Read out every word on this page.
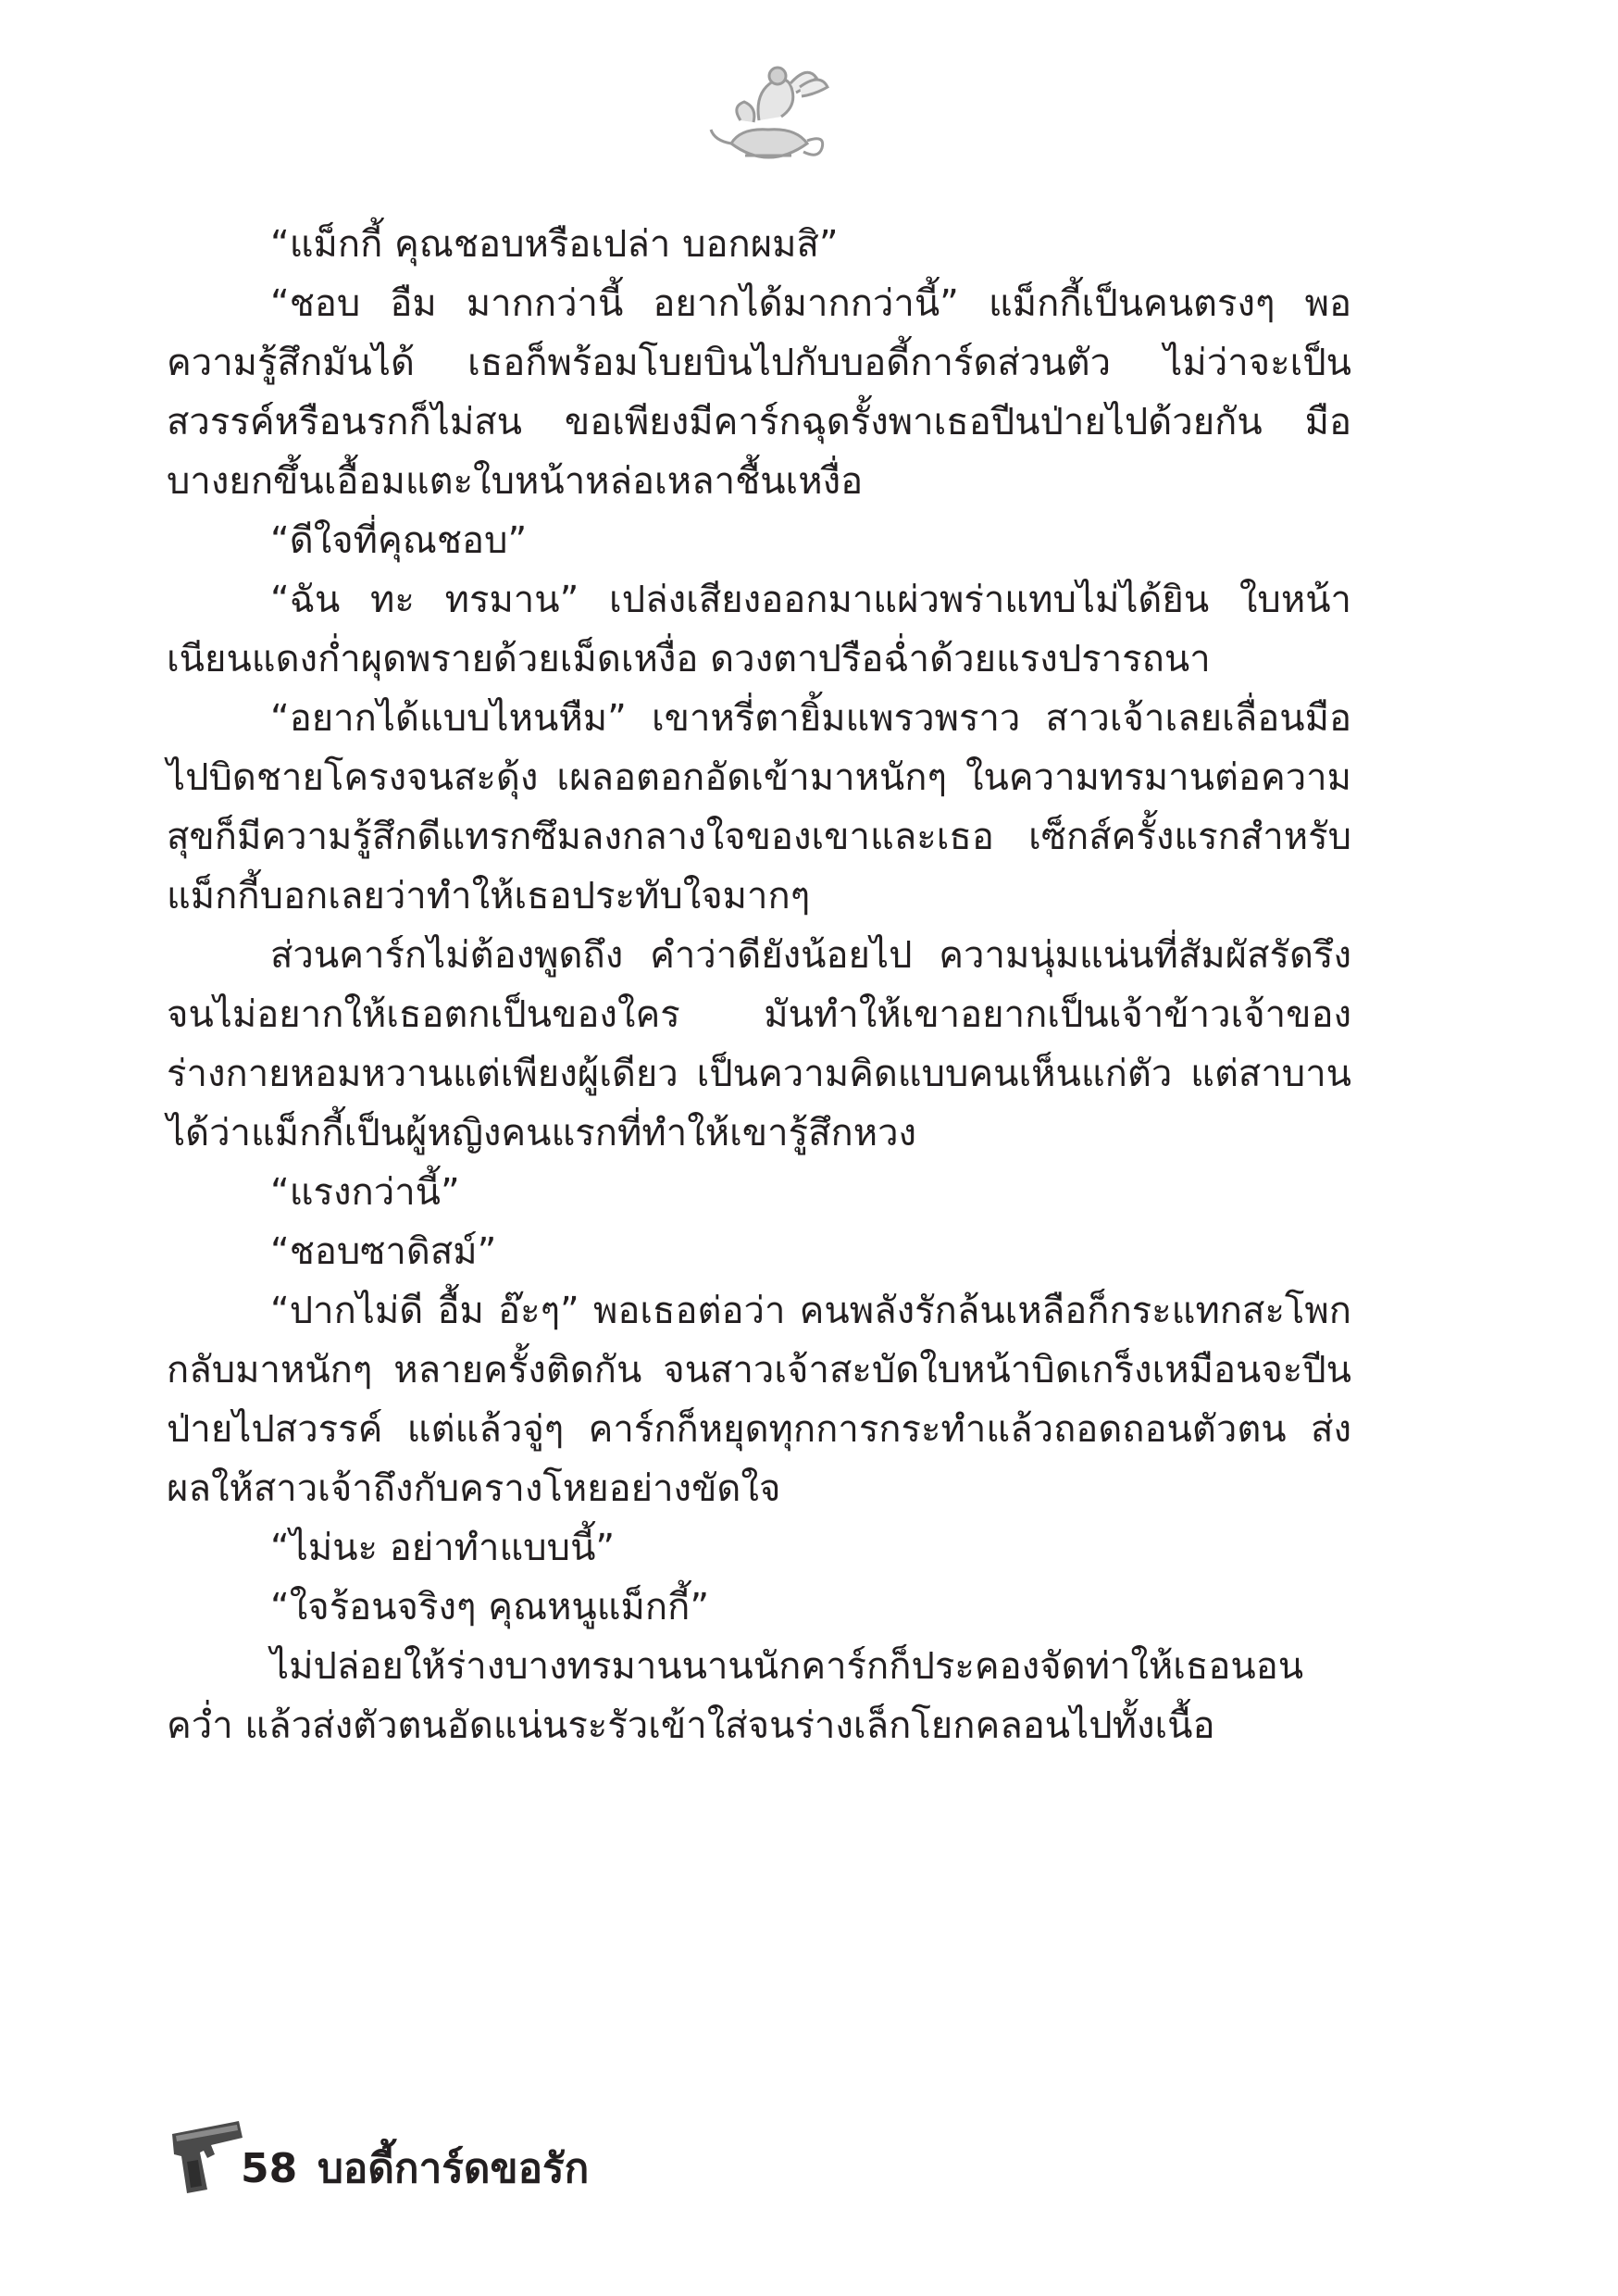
“แม็กกี้ คุณชอบหรือเปล่า บอกผมสิ”

“ชอบ อืม มากกว่านี้ อยากได้มากกว่านี้” แม็กกี้เป็นคนตรงๆ พอความรู้สึกมันได้ เธอก็พร้อมโบยบินไปกับบอดี้การ์ดส่วนตัว ไม่ว่าจะเป็นสวรรค์หรือนรกก็ไม่สน ขอเพียงมีคาร์กฉุดรั้งพาเธอปีนป่ายไปด้วยกัน มือบางยกขึ้นเอื้อมแตะใบหน้าหล่อเหลาชื้นเหงื่อ

“ดีใจที่คุณชอบ”

“ฉัน ทะ ทรมาน” เปล่งเสียงออกมาแผ่วพร่าแทบไม่ได้ยิน ใบหน้าเนียนแดงก่ำผุดพรายด้วยเม็ดเหงื่อ ดวงตาปรือฉ่ำด้วยแรงปรารถนา

“อยากได้แบบไหนหืม” เขาหรี่ตายิ้มแพรวพราว สาวเจ้าเลยเลื่อนมือไปบิดชายโครงจนสะดุ้ง เผลอตอกอัดเข้ามาหนักๆ ในความทรมานต่อความสุขก็มีความรู้สึกดีแทรกซึมลงกลางใจของเขาและเธอ เซ็กส์ครั้งแรกสำหรับแม็กกี้บอกเลยว่าทำให้เธอประทับใจมากๆ

ส่วนคาร์กไม่ต้องพูดถึง คำว่าดียังน้อยไป ความนุ่มแน่นที่สัมผัสรัดรึงจนไม่อยากให้เธอตกเป็นของใคร มันทำให้เขาอยากเป็นเจ้าข้าวเจ้าของร่างกายหอมหวานแต่เพียงผู้เดียว เป็นความคิดแบบคนเห็นแก่ตัว แต่สาบานได้ว่าแม็กกี้เป็นผู้หญิงคนแรกที่ทำให้เขารู้สึกหวง

“แรงกว่านี้”

“ชอบซาดิสม์”

“ปากไม่ดี อื้ม อ๊ะๆ” พอเธอต่อว่า คนพลังรักล้นเหลือก็กระแทกสะโพกกลับมาหนักๆ หลายครั้งติดกัน จนสาวเจ้าสะบัดใบหน้าบิดเกร็งเหมือนจะปีนป่ายไปสวรรค์ แต่แล้วจู่ๆ คาร์กก็หยุดทุกการกระทำแล้วถอดถอนตัวตน ส่งผลให้สาวเจ้าถึงกับครางโหยอย่างขัดใจ

“ไม่นะ อย่าทำแบบนี้”

“ใจร้อนจริงๆ คุณหนูแม็กกี้”

ไม่ปล่อยให้ร่างบางทรมานนานนักคาร์กก็ประคองจัดท่าให้เธอนอนคว่ำ แล้วส่งตัวตนอัดแน่นระรัวเข้าใส่จนร่างเล็กโยกคลอนไปทั้งเนื้อ

58 บอดี้การ์ดขอรัก
